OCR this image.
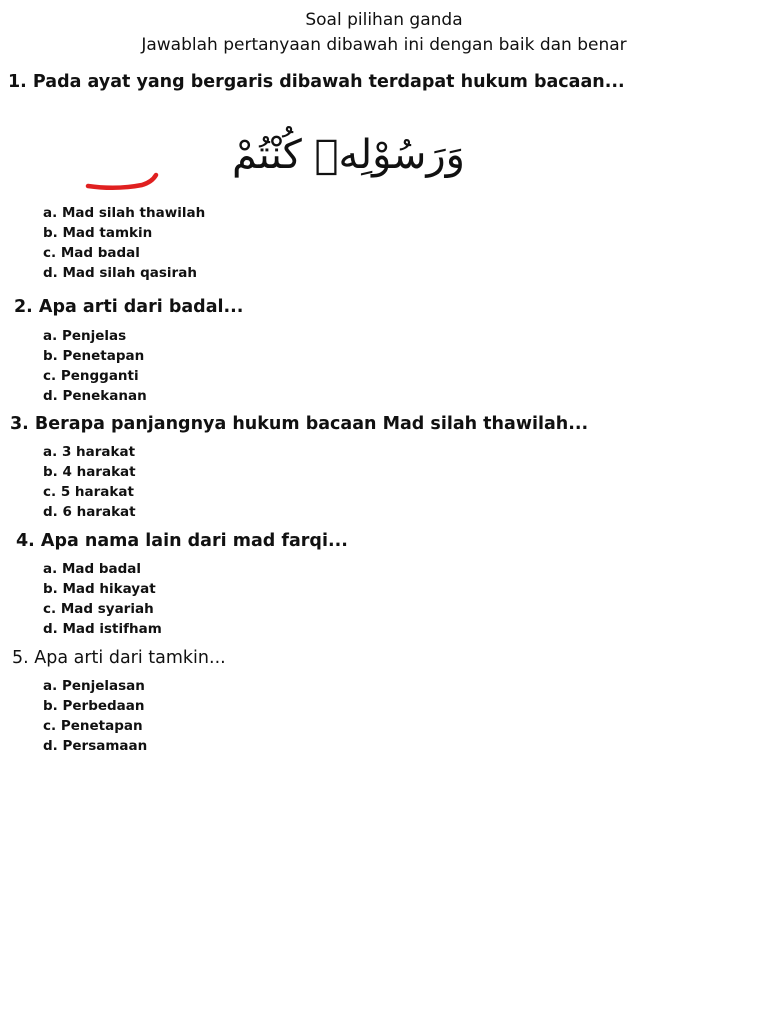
Soal pilihan ganda
Jawablah pertanyaan dibawah ini dengan baik dan benar
1. Pada ayat yang bergaris dibawah terdapat hukum bacaan...
وَرَسُوْلِهٖ كُنْتُمْ
a. Mad silah thawilah
b. Mad tamkin
c. Mad badal
d. Mad silah qasirah
2. Apa arti dari badal...
a. Penjelas
b. Penetapan
c. Pengganti
d. Penekanan
3. Berapa panjangnya hukum bacaan Mad silah thawilah...
a. 3 harakat
b. 4 harakat
c. 5 harakat
d. 6 harakat
4. Apa nama lain dari mad farqi...
a. Mad badal
b. Mad hikayat
c. Mad syariah
d. Mad istifham
5. Apa arti dari tamkin...
a. Penjelasan
b. Perbedaan
c. Penetapan
d. Persamaan
